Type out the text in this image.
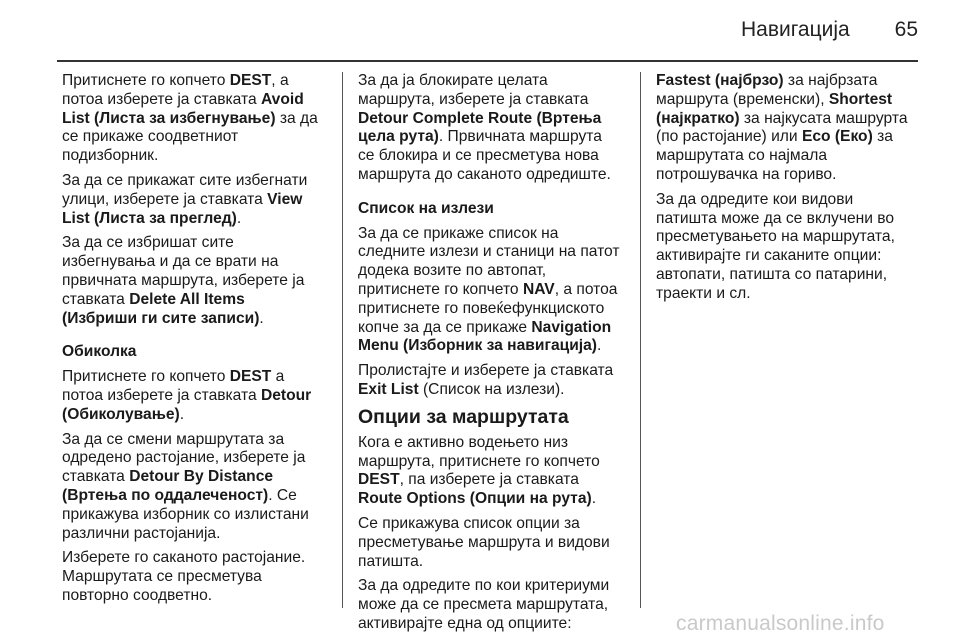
Навигација	65

Притиснете го копчето DEST, а потоа изберете ја ставката Avoid List (Листа за избегнување) за да се прикаже соодветниот подизборник.

За да се прикажат сите избегнати улици, изберете ја ставката View List (Листа за преглед).

За да се избришат сите избегнувања и да се врати на првичната маршрута, изберете ја ставката Delete All Items (Избриши ги сите записи).

Обиколка

Притиснете го копчето DEST а потоа изберете ја ставката Detour (Обиколување).

За да се смени маршрутата за одредено растојание, изберете ја ставката Detour By Distance (Вртења по оддалеченост). Се прикажува изборник со излистани различни растојанија.

Изберете го саканото растојание. Маршрутата се пресметува повторно соодветно.

За да ја блокирате целата маршрута, изберете ја ставката Detour Complete Route (Вртења цела рута). Првичната маршрута се блокира и се пресметува нова маршрута до саканото одредиште.

Список на излези

За да се прикаже список на следните излези и станици на патот додека возите по автопат, притиснете го копчето NAV, а потоа притиснете го повеќефункциското копче за да се прикаже Navigation Menu (Изборник за навигација).

Пролистајте и изберете ја ставката Exit List (Список на излези).

Опции за маршрутата

Кога е активно водењето низ маршрута, притиснете го копчето DEST, па изберете ја ставката Route Options (Опции на рута).

Се прикажува список опции за пресметување маршрута и видови патишта.

За да одредите по кои критериуми може да се пресмета маршрутата, активирајте една од опциите:

Fastest (најбрзо) за најбрзата маршрута (временски), Shortest (најкратко) за најкусата машрурта (по растојание) или Eco (Еко) за маршрутата со најмала потрошувачка на гориво.

За да одредите кои видови патишта може да се вклучени во пресметувањето на маршрутата, активирајте ги саканите опции: автопати, патишта со патарини, траекти и сл.

carmanualsonline.info
